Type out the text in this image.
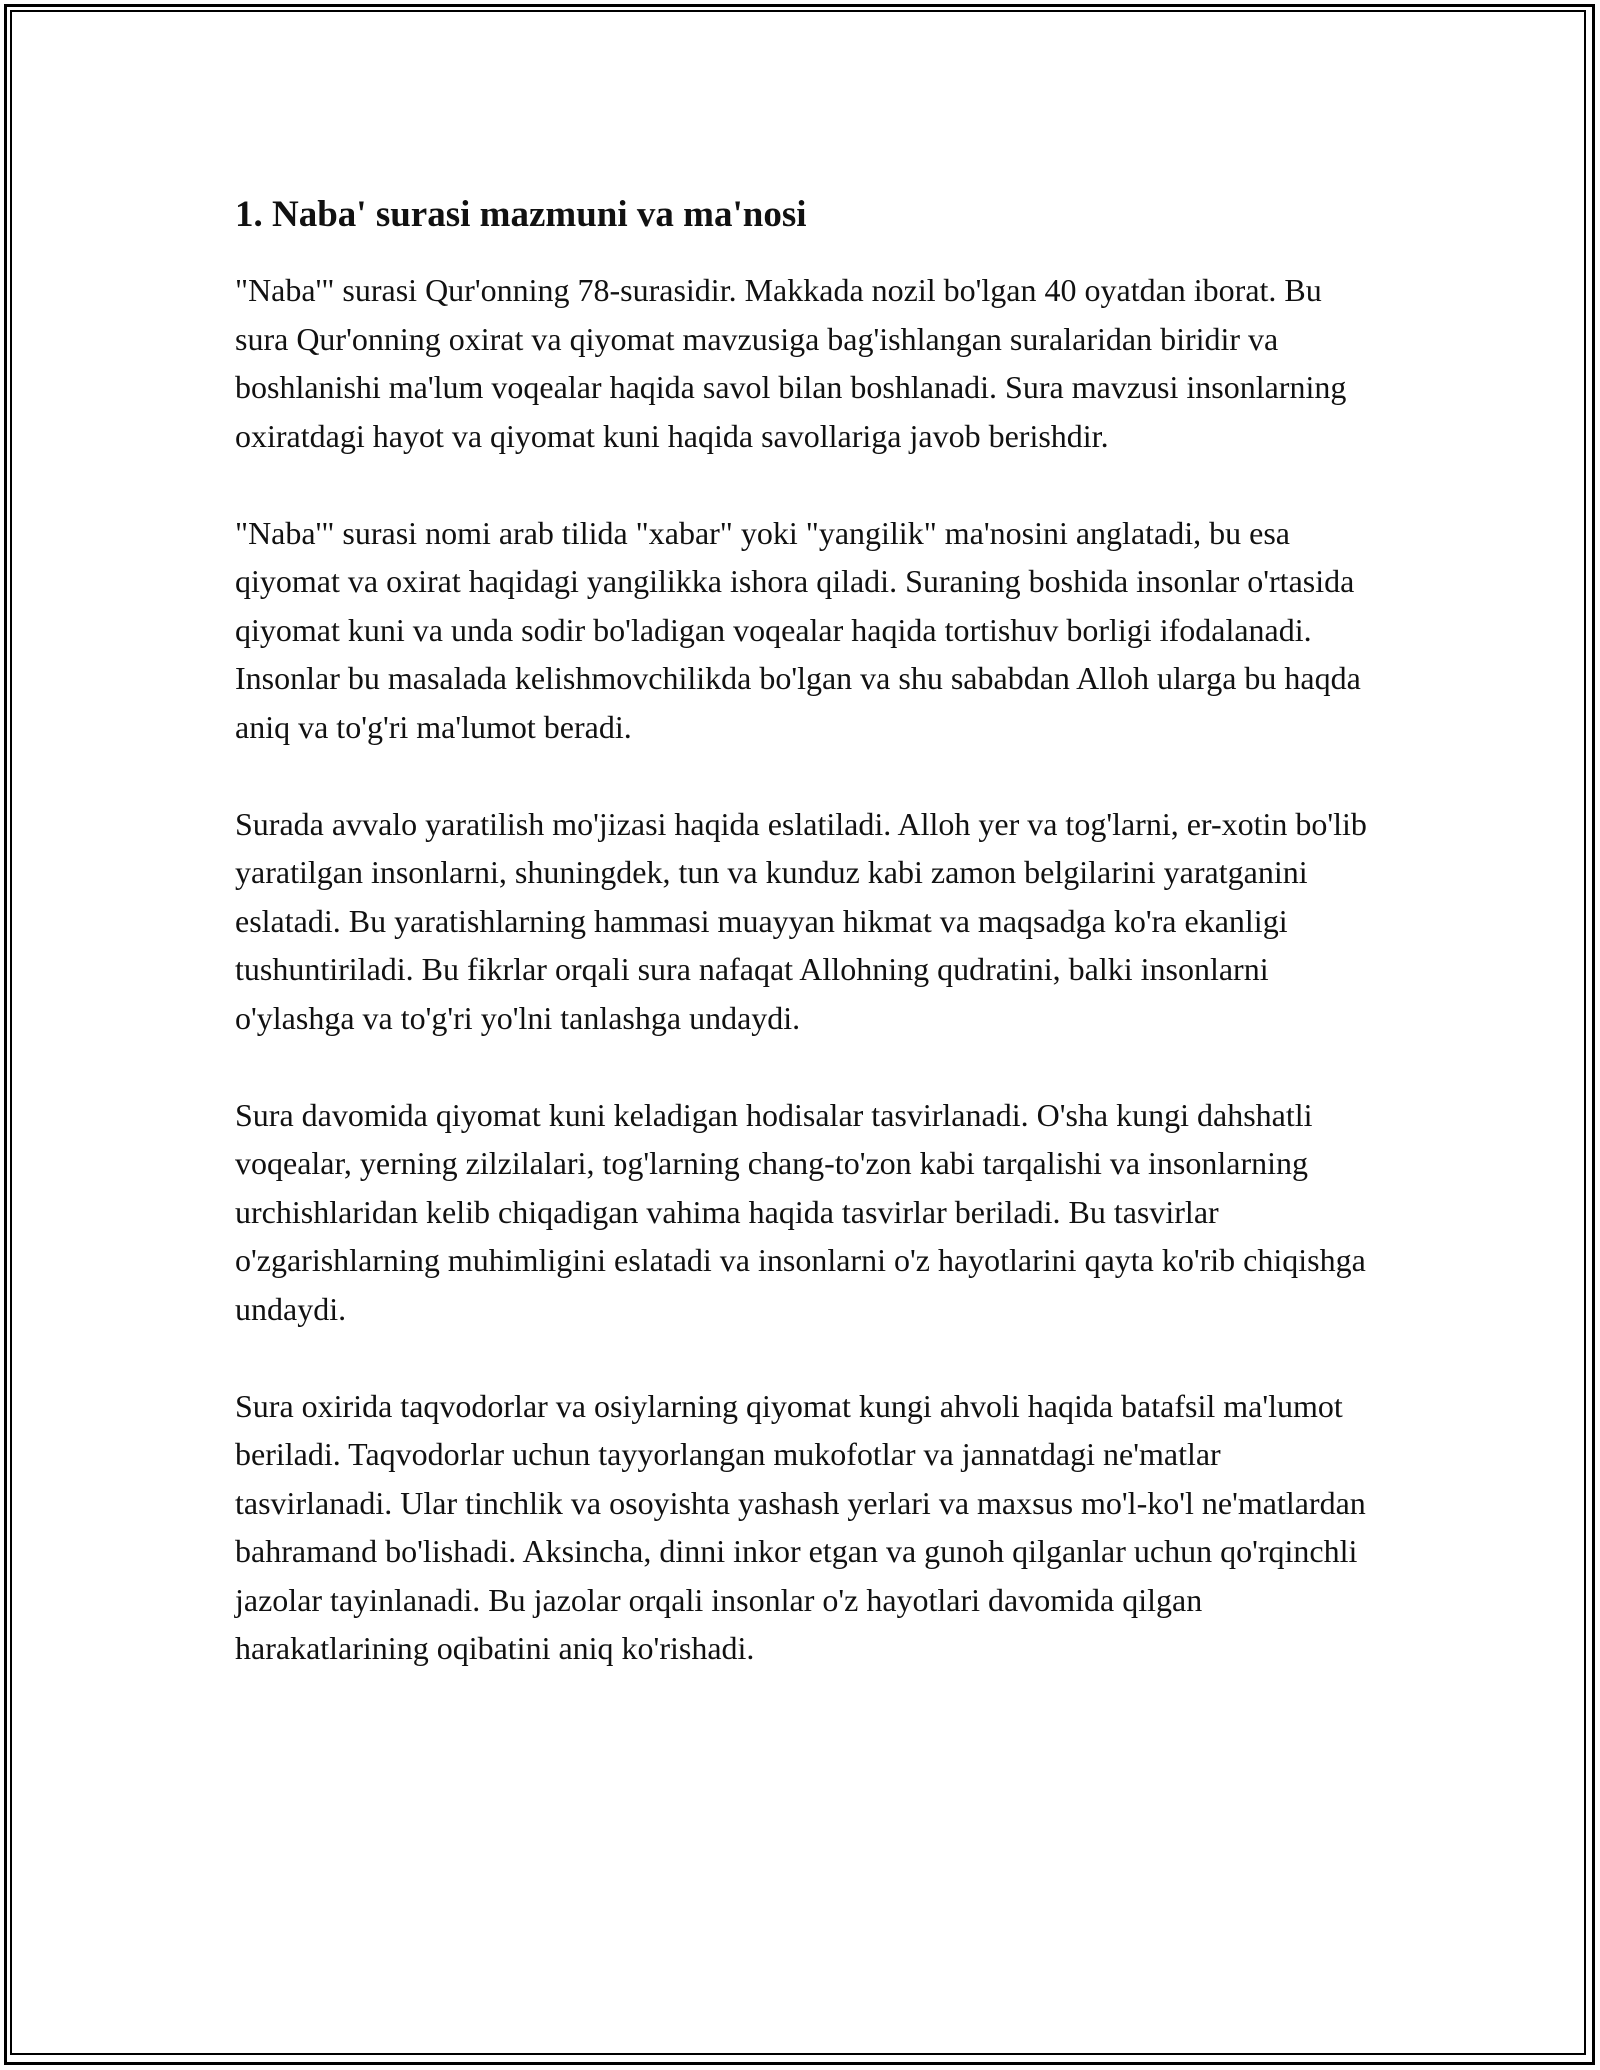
1. Naba' surasi mazmuni va ma'nosi

"Naba'" surasi Qur'onning 78-surasidir. Makkada nozil bo'lgan 40 oyatdan iborat. Bu sura Qur'onning oxirat va qiyomat mavzusiga bag'ishlangan suralaridan biridir va boshlanishi ma'lum voqealar haqida savol bilan boshlanadi. Sura mavzusi insonlarning oxiratdagi hayot va qiyomat kuni haqida savollariga javob berishdir.

"Naba'" surasi nomi arab tilida "xabar" yoki "yangilik" ma'nosini anglatadi, bu esa qiyomat va oxirat haqidagi yangilikka ishora qiladi. Suraning boshida insonlar o'rtasida qiyomat kuni va unda sodir bo'ladigan voqealar haqida tortishuv borligi ifodalanadi. Insonlar bu masalada kelishmovchilikda bo'lgan va shu sababdan Alloh ularga bu haqda aniq va to'g'ri ma'lumot beradi.

Surada avvalo yaratilish mo'jizasi haqida eslatiladi. Alloh yer va tog'larni, er-xotin bo'lib yaratilgan insonlarni, shuningdek, tun va kunduz kabi zamon belgilarini yaratganini eslatadi. Bu yaratishlarning hammasi muayyan hikmat va maqsadga ko'ra ekanligi tushuntiriladi. Bu fikrlar orqali sura nafaqat Allohning qudratini, balki insonlarni o'ylashga va to'g'ri yo'lni tanlashga undaydi.

Sura davomida qiyomat kuni keladigan hodisalar tasvirlanadi. O'sha kungi dahshatli voqealar, yerning zilzilalari, tog'larning chang-to'zon kabi tarqalishi va insonlarning urchishlaridan kelib chiqadigan vahima haqida tasvirlar beriladi. Bu tasvirlar o'zgarishlarning muhimligini eslatadi va insonlarni o'z hayotlarini qayta ko'rib chiqishga undaydi.

Sura oxirida taqvodorlar va osiylarning qiyomat kungi ahvoli haqida batafsil ma'lumot beriladi. Taqvodorlar uchun tayyorlangan mukofotlar va jannatdagi ne'matlar tasvirlanadi. Ular tinchlik va osoyishta yashash yerlari va maxsus mo'l-ko'l ne'matlardan bahramand bo'lishadi. Aksincha, dinni inkor etgan va gunoh qilganlar uchun qo'rqinchli jazolar tayinlanadi. Bu jazolar orqali insonlar o'z hayotlari davomida qilgan harakatlarining oqibatini aniq ko'rishadi.
